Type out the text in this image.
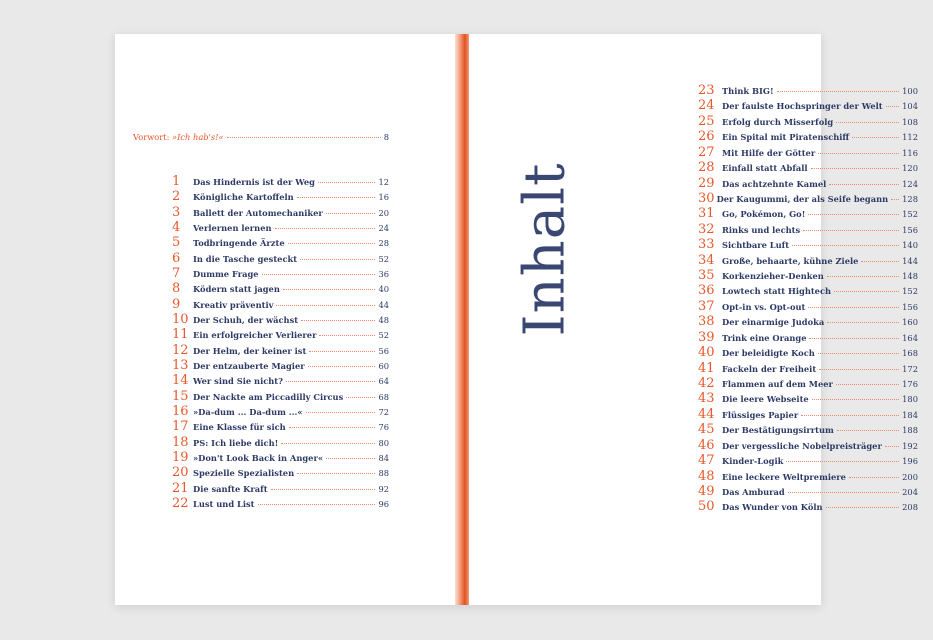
Vorwort: »Ich hab's!«	8
1	Das Hindernis ist der Weg	12
2	Königliche Kartoffeln	16
3	Ballett der Automechaniker	20
4	Verlernen lernen	24
5	Todbringende Ärzte	28
6	In die Tasche gesteckt	52
7	Dumme Frage	36
8	Ködern statt jagen	40
9	Kreativ präventiv	44
10 Der Schuh, der wächst	48
11 Ein erfolgreicher Verlierer	52
12 Der Helm, der keiner ist	56
13 Der entzauberte Magier	60
14 Wer sind Sie nicht?	64
15 Der Nackte am Piccadilly Circus	68
16 »Da-dum ... Da-dum ...«	72
17 Eine Klasse für sich	76
18 PS: Ich liebe dich!	80
19 »Don't Look Back in Anger«	84
20 Spezielle Spezialisten	88
21 Die sanfte Kraft	92
22 Lust und List	96
Inhalt
23 Think BIG!	100
24 Der faulste Hochspringer der Welt 104
25 Erfolg durch Misserfolg	108
26 Ein Spital mit Piratenschiff	112
27 Mit Hilfe der Götter	116
28 Einfall statt Abfall	120
29 Das achtzehnte Kamel	124
30 Der Kaugummi, der als Seife begann 128
31 Go, Pokémon, Go!	152
32 Rinks und lechts	156
33 Sichtbare Luft	140
34 Große, behaarte, kühne Ziele	144
35 Korkenzieher-Denken	148
36 Lowtech statt Hightech	152
37 Opt-in vs. Opt-out	156
38 Der einarmige Judoka	160
39 Trink eine Orange	164
40 Der beleidigte Koch	168
41 Fackeln der Freiheit	172
42 Flammen auf dem Meer	176
43 Die leere Webseite	180
44 Flüssiges Papier	184
45 Der Bestätigungsirrtum	188
46 Der vergessliche Nobelpreisträger 192
47 Kinder-Logik	196
48 Eine leckere Weltpremiere	200
49 Das Amburad	204
50 Das Wunder von Köln	208
